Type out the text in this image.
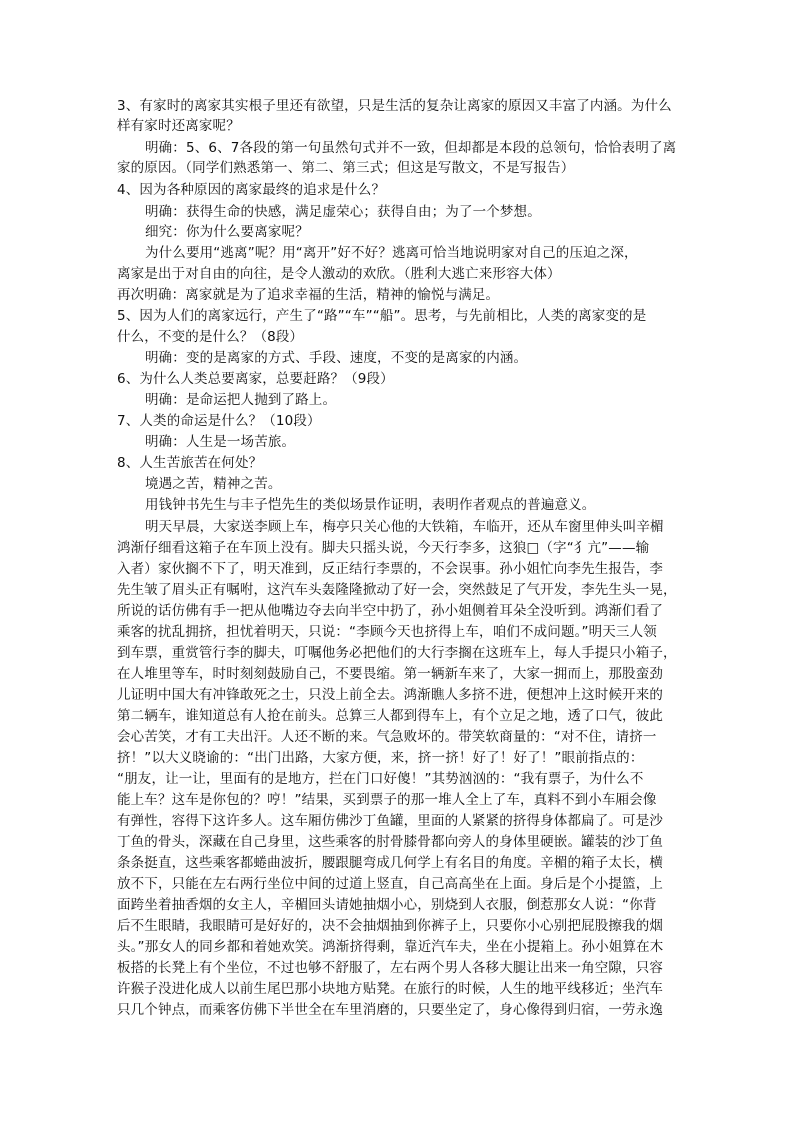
3、有家时的离家其实根子里还有欲望，只是生活的复杂让离家的原因又丰富了内涵。为什么
样有家时还离家呢？
明确：5、6、7各段的第一句虽然句式并不一致，但却都是本段的总领句，恰恰表明了离
家的原因。（同学们熟悉第一、第二、第三式；但这是写散文，不是写报告）
4、因为各种原因的离家最终的追求是什么？
明确：获得生命的快感，满足虚荣心；获得自由；为了一个梦想。
细究：你为什么要离家呢？
为什么要用“逃离”呢？用“离开”好不好？逃离可恰当地说明家对自己的压迫之深，
离家是出于对自由的向往，是令人激动的欢欣。（胜利大逃亡来形容大体）
再次明确：离家就是为了追求幸福的生活，精神的愉悦与满足。
5、因为人们的离家远行，产生了“路”“车”“船”。思考，与先前相比，人类的离家变的是
什么，不变的是什么？（8段）
明确：变的是离家的方式、手段、速度，不变的是离家的内涵。
6、为什么人类总要离家，总要赶路？（9段）
明确：是命运把人抛到了路上。
7、人类的命运是什么？（10段）
明确：人生是一场苦旅。
8、人生苦旅苦在何处？
境遇之苦，精神之苦。
用钱钟书先生与丰子恺先生的类似场景作证明，表明作者观点的普遍意义。
明天早晨，大家送李顾上车，梅亭只关心他的大铁箱，车临开，还从车窗里伸头叫辛楣
鸿渐仔细看这箱子在车顶上没有。脚夫只摇头说，今天行李多，这狼□（字“犭亢”——输
入者）家伙搁不下了，明天准到，反正结行李票的，不会误事。孙小姐忙向李先生报告，李
先生皱了眉头正有嘱咐，这汽车头轰隆隆掀动了好一会，突然鼓足了气开发，李先生头一晃，
所说的话仿佛有手一把从他嘴边夺去向半空中扔了，孙小姐侧着耳朵全没听到。鸿渐们看了
乘客的扰乱拥挤，担忧着明天，只说：“李顾今天也挤得上车，咱们不成问题。”明天三人领
到车票，重赏管行李的脚夫，叮嘱他务必把他们的大行李搁在这班车上，每人手提只小箱子，
在人堆里等车，时时刻刻鼓励自己，不要畏缩。第一辆新车来了，大家一拥而上，那股蛮劲
儿证明中国大有冲锋敢死之士，只没上前全去。鸿渐瞧人多挤不进，便想冲上这时候开来的
第二辆车，谁知道总有人抢在前头。总算三人都到得车上，有个立足之地，透了口气，彼此
会心苦笑，才有工夫出汗。人还不断的来。气急败坏的。带笑软商量的：“对不住，请挤一
挤！”以大义晓谕的：“出门出路，大家方便，来，挤一挤！好了！好了！”眼前指点的：
“朋友，让一让，里面有的是地方，拦在门口好傻！”其势汹汹的：“我有票子，为什么不
能上车？这车是你包的？哼！”结果，买到票子的那一堆人全上了车，真料不到小车厢会像
有弹性，容得下这许多人。这车厢仿佛沙丁鱼罐，里面的人紧紧的挤得身体都扁了。可是沙
丁鱼的骨头，深藏在自己身里，这些乘客的肘骨膝骨都向旁人的身体里硬嵌。罐装的沙丁鱼
条条挺直，这些乘客都蜷曲波折，腰跟腿弯成几何学上有名目的角度。辛楣的箱子太长，横
放不下，只能在左右两行坐位中间的过道上竖直，自己高高坐在上面。身后是个小提篮，上
面跨坐着抽香烟的女主人，辛楣回头请她抽烟小心，别烧到人衣服，倒惹那女人说：“你背
后不生眼睛，我眼睛可是好好的，决不会抽烟抽到你裤子上，只要你小心别把屁股擦我的烟
头。”那女人的同乡都和着她欢笑。鸿渐挤得剩，靠近汽车夫，坐在小提箱上。孙小姐算在木
板搭的长凳上有个坐位，不过也够不舒服了，左右两个男人各移大腿让出来一角空隙，只容
许猴子没进化成人以前生尾巴那小块地方贴凳。在旅行的时候，人生的地平线移近；坐汽车
只几个钟点，而乘客仿佛下半世全在车里消磨的，只要坐定了，身心像得到归宿，一劳永逸
